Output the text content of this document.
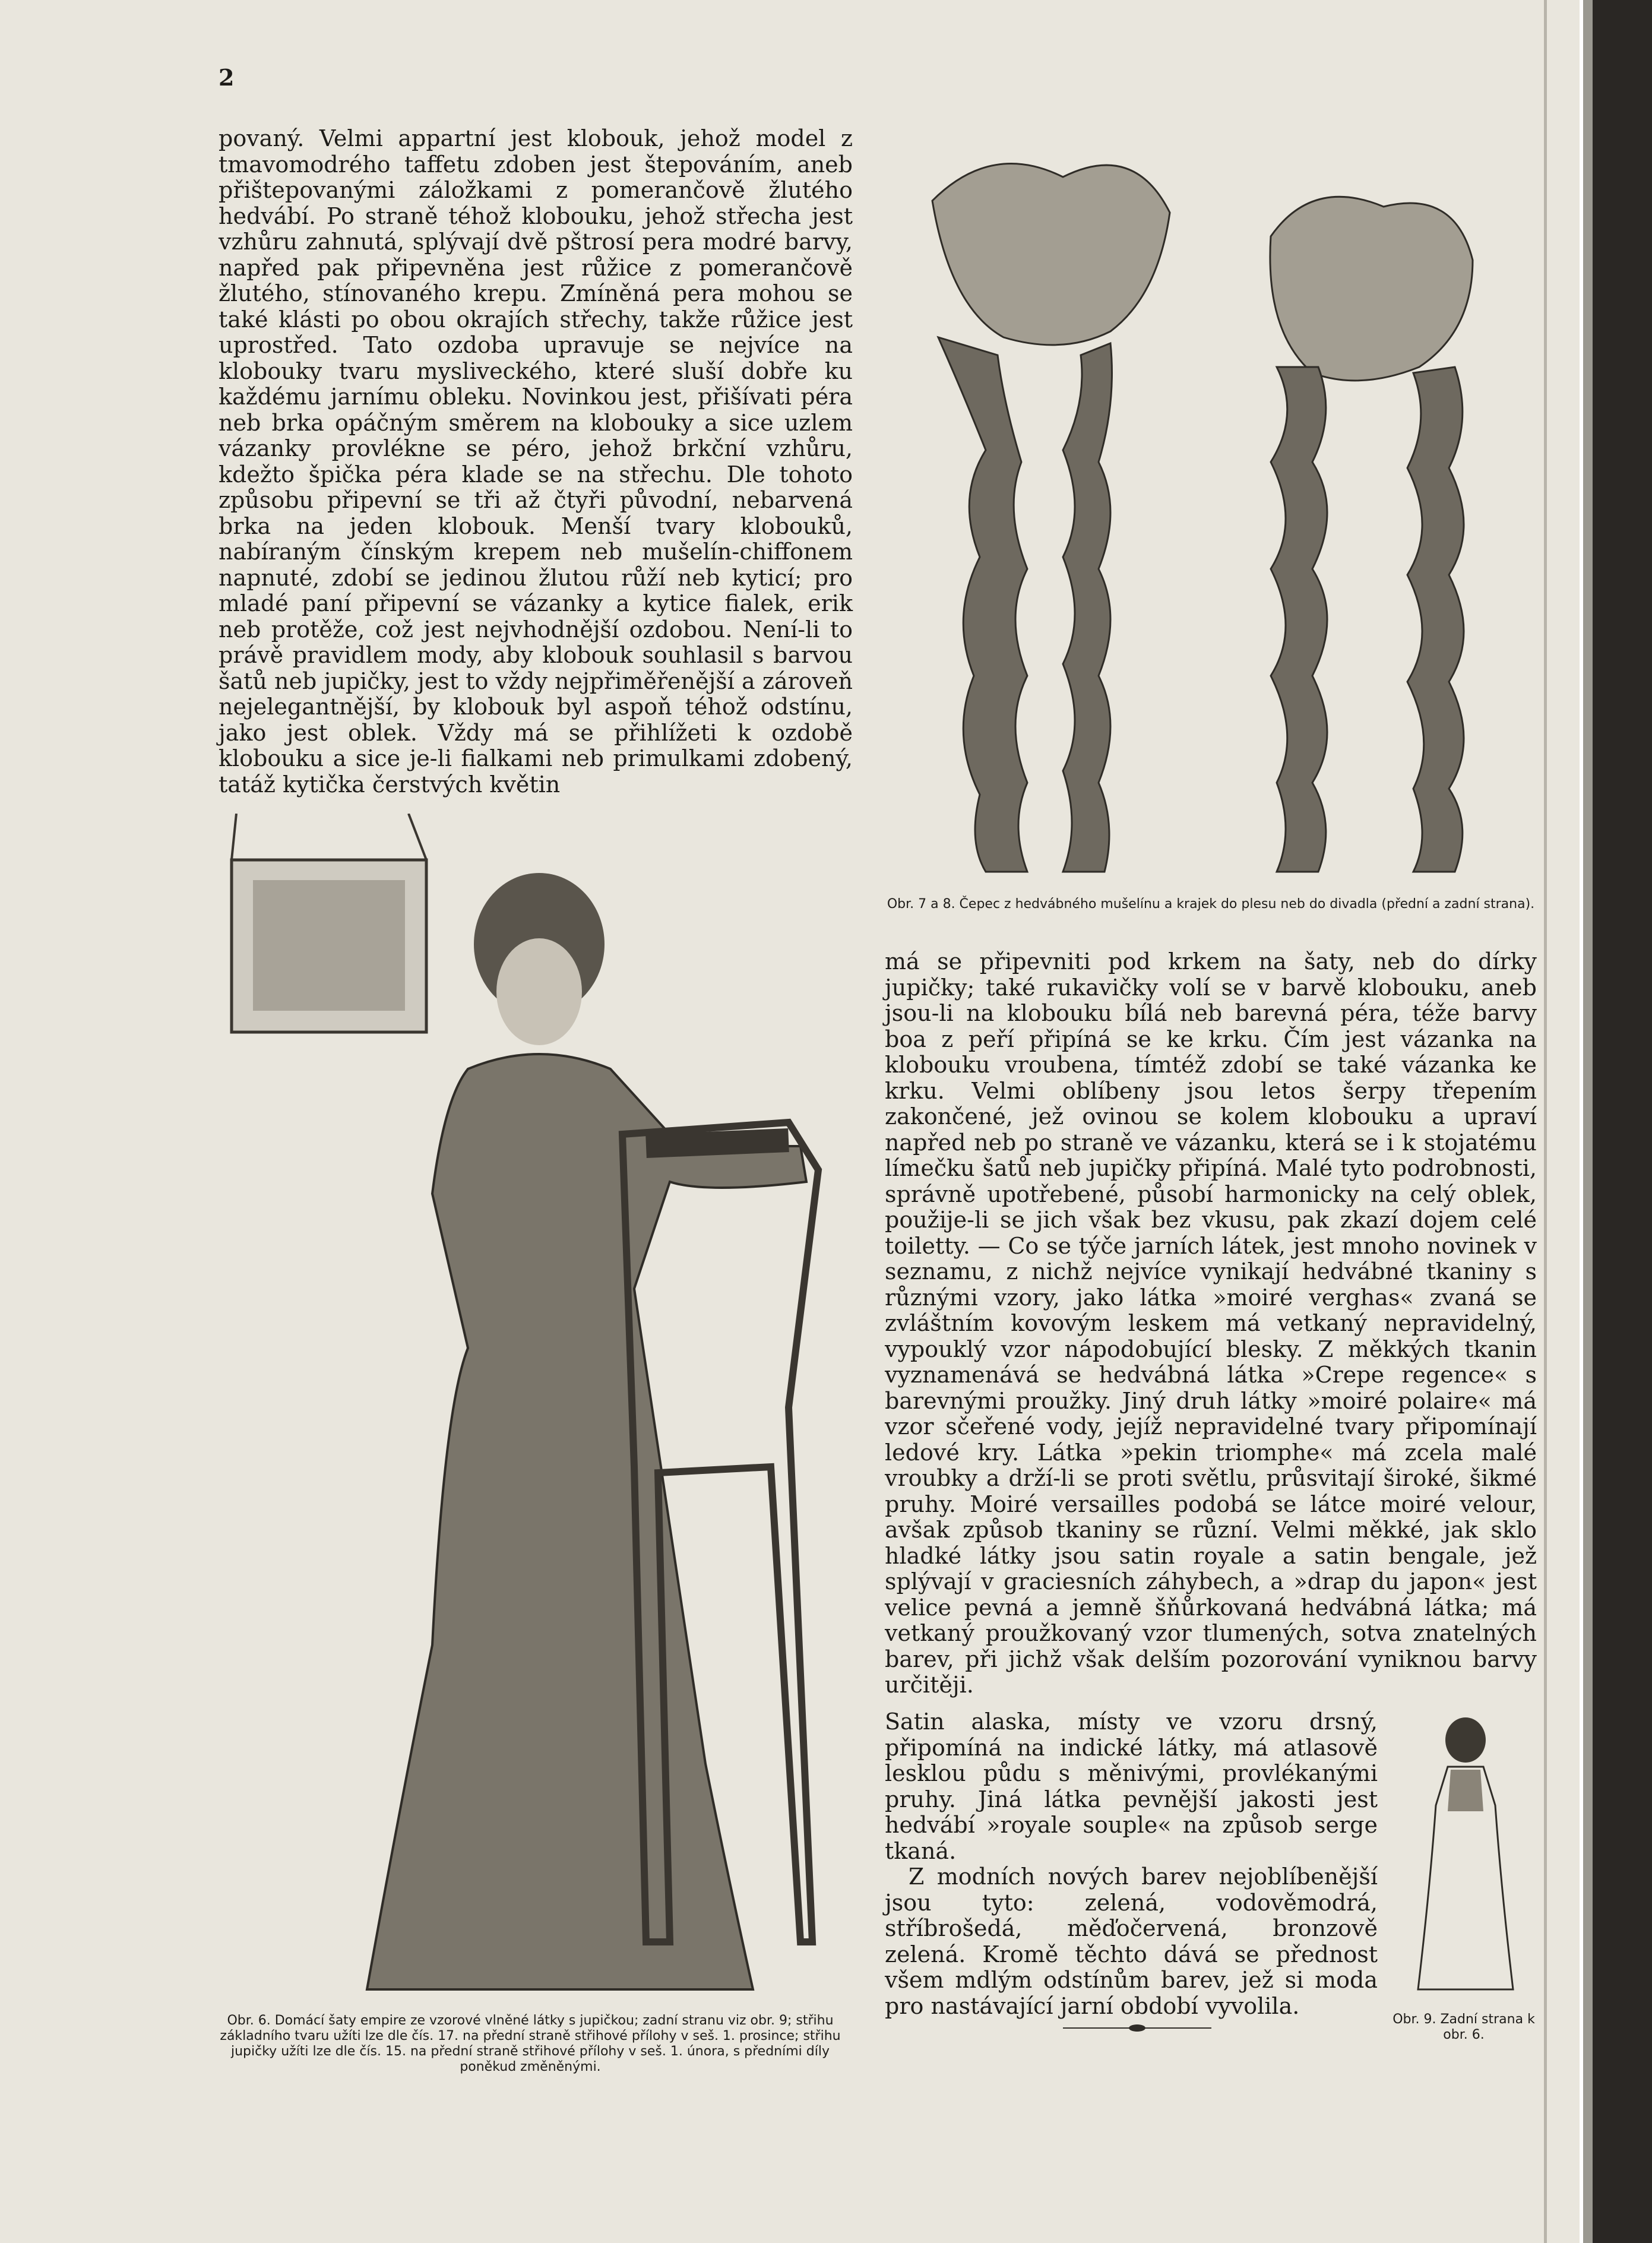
2

povaný. Velmi appartní jest klobouk, jehož model z tmavomodrého taffetu zdoben jest štepováním, aneb přištepovanými záložkami z pomerančově žlutého hedvábí. Po straně téhož klobouku, jehož střecha jest vzhůru zahnutá, splývají dvě pštrosí pera modré barvy, napřed pak připevněna jest růžice z pomerančově žlutého, stínovaného krepu. Zmíněná pera mohou se také klásti po obou okrajích střechy, takže růžice jest uprostřed. Tato ozdoba upravuje se nejvíce na klobouky tvaru mysliveckého, které sluší dobře ku každému jarnímu obleku. Novinkou jest, přišívati péra neb brka opáčným směrem na klobouky a sice uzlem vázanky provlékne se péro, jehož brkční vzhůru, kdežto špička péra klade se na střechu. Dle tohoto způsobu připevní se tři až čtyři původní, nebarvená brka na jeden klobouk. Menší tvary klobouků, nabíraným čínským krepem neb mušelín-chiffonem napnuté, zdobí se jedinou žlutou růží neb kyticí; pro mladé paní připevní se vázanky a kytice fialek, erik neb protěže, což jest nejvhodnější ozdobou. Není-li to právě pravidlem mody, aby klobouk souhlasil s barvou šatů neb jupičky, jest to vždy nejpřiměřenější a zároveň nejelegantnější, by klobouk byl aspoň téhož odstínu, jako jest oblek. Vždy má se přihlížeti k ozdobě klobouku a sice je-li fialkami neb primulkami zdobený, tatáž kytička čerstvých květin

Obr. 7 a 8. Čepec z hedvábného mušelínu a krajek do plesu neb do divadla (přední a zadní strana).
Obr. 6. Domácí šaty empire ze vzorové vlněné látky s jupičkou; zadní stranu viz obr. 9; střihu základního tvaru užíti lze dle čís. 17. na přední straně střihové přílohy v seš. 1. prosince; střihu jupičky užíti lze dle čís. 15. na přední straně střihové přílohy v seš. 1. února, s předními díly poněkud změněnými.

má se připevniti pod krkem na šaty, neb do dírky jupičky; také rukavičky volí se v barvě klobouku, aneb jsou-li na klobouku bílá neb barevná péra, téže barvy boa z peří připíná se ke krku. Čím jest vázanka na klobouku vroubena, tímtéž zdobí se také vázanka ke krku. Velmi oblíbeny jsou letos šerpy třepením zakončené, jež ovinou se kolem klobouku a upraví napřed neb po straně ve vázanku, která se i k stojatému límečku šatů neb jupičky připíná. Malé tyto podrobnosti, správně upotřebené, působí harmonicky na celý oblek, použije-li se jich však bez vkusu, pak zkazí dojem celé toiletty. — Co se týče jarních látek, jest mnoho novinek v seznamu, z nichž nejvíce vynikají hedvábné tkaniny s různými vzory, jako látka »moiré verghas« zvaná se zvláštním kovovým leskem má vetkaný nepravidelný, vypouklý vzor nápodobující blesky. Z měkkých tkanin vyznamenává se hedvábná látka »Crepe regence« s barevnými proužky. Jiný druh látky »moiré polaire« má vzor sčeřené vody, jejíž nepravidelné tvary připomínají ledové kry. Látka »pekin triomphe« má zcela malé vroubky a drží-li se proti světlu, průsvitají široké, šikmé pruhy. Moiré versailles podobá se látce moiré velour, avšak způsob tkaniny se různí. Velmi měkké, jak sklo hladké látky jsou satin royale a satin bengale, jež splývají v graciesních záhybech, a »drap du japon« jest velice pevná a jemně šňůrkovaná hedvábná látka; má vetkaný proužkovaný vzor tlumených, sotva znatelných barev, při jichž však delším pozorování vyniknou barvy určitěji.

Satin alaska, místy ve vzoru drsný, připomíná na indické látky, má atlasově lesklou půdu s měnivými, provlékanými pruhy. Jiná látka pevnější jakosti jest hedvábí »royale souple« na způsob serge tkaná.

Z modních nových barev nejoblíbenější jsou tyto: zelená, vodověmodrá, stříbrošedá, měďočervená, bronzově zelená. Kromě těchto dává se přednost všem mdlým odstínům barev, jež si moda pro nastávající jarní období vyvolila.

Obr. 9. Zadní strana k obr. 6.
